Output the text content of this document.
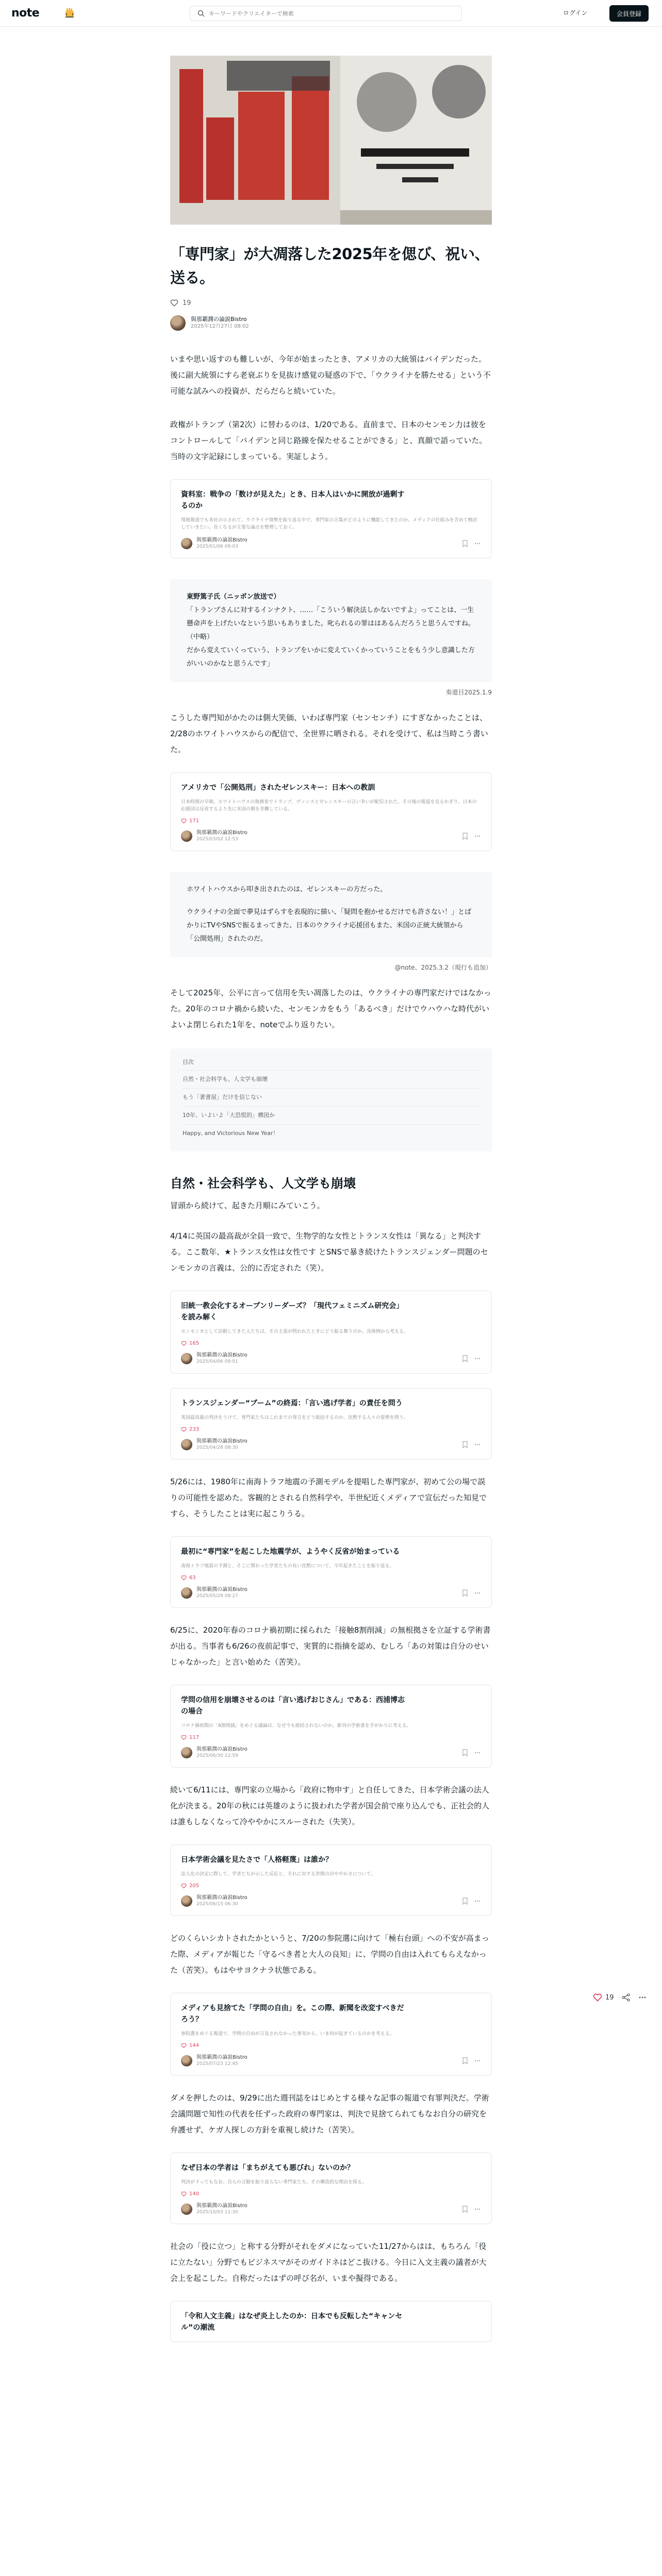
note
キーワードやクリエイターで検索	ログイン	会員登録
「専門家」が大凋落した2025年を偲び、祝い、送る。
19
與那覇潤の論説Bistro
2025年12月27日 08:02

いまや思い返すのも難しいが、今年が始まったとき、アメリカの大統領はバイデンだった。後に副大統領にすら老衰ぶりを見抜け感覚の疑惑の下で、「ウクライナを勝たせる」という不可能な試みへの投資が、だらだらと続いていた。

政権がトランプ（第2次）に替わるのは、1/20である。直前まで、日本のセンモン力は彼をコントロールして「バイデンと同じ路線を保たせることができる」と、真顔で語っていた。当時の文字記録にしまっている。実証しよう。

資料室：戦争の「数けが見えた」とき、日本人はいかに開放が過剰するのか
現地報道でも各社の示されて、ウクライナ情勢を振り返る中で、専門家の言葉がどのように機能してきたのか。メディアの仕組みを含めて検討していきたい。長くなるが主要な論点を整理しておく。
與那覇潤の論説Bistro
2025/01/06 09:03
東野篤子氏（ニッポン放送で）
「トランプさんに対するインナクト、……「こういう解決法しかないですよ」ってことは、一生懸命声を上げたいなという思いもありました。叱られるの罪ははあるんだろうと思うんですね。
（中略）
だから変えていくっていう、トランプをいかに変えていくかっていうことをもう少し意識した方がいいのかなと思うんです」
奏還目2025.1.9

こうした専門知がかたのは側大笑価、いわば専門家（センセンチ）にすぎなかったことは、2/28のホワイトハウスからの配信で、全世界に晒される。それを受けて、私は当時こう書いた。

アメリカで「公開処刑」されたゼレンスキー：日本への教訓
日本時間の早朝、ホワイトハウスの執務室でトランプ、ヴァンスとゼレンスキーの言い争いが配信された。その後の報道を見るかぎり、日本の応援団は反省するより先に米国の側を非難している。
171
與那覇潤の論説Bistro
2025/03/02 12:53
ホワイトハウスから叩き出されたのは、ゼレンスキーの方だった。
ウクライナの全面で夢見はずらすを表現的に描い、「疑問を抱かせるだけでも許さない！」とばかりにTVやSNSで振るまってきた、日本のウクライナ応援団もまた、米国の正統大統領から「公開処刑」されたのだ。
@note、2025.3.2（現行も追加）

そして2025年、公平に言って信用を失い凋落したのは、ウクライナの専門家だけではなかった。20年のコロナ禍から続いた、センモンカをもう「あるべき」だけでウハウハな時代がいよいよ閉じられた1年を、noteでふり返りたい。

目次
自然・社会科学も、人文学も崩壊
もう「著書屋」だけを信じない
10年、いよいよ「大恐慌的」構図か
Happy, and Victorious New Year！
自然・社会科学も、人文学も崩壊

冒頭から続けて、起きた月順にみていこう。

4/14に英国の最高裁が全員一致で、生物学的な女性とトランス女性は「異なる」と判決する。ここ数年、★トランス女性は女性です とSNSで暴き続けたトランスジェンダー問題のセンモンカの言義は、公的に否定された（笑）。

旧統一教会化するオープンリーダーズ？「現代フェミニズム研究会」を読み解く
センモンカとして活動してきた人たちは、その主張が問われたときにどう振る舞うのか。具体例から考える。
165
與那覇潤の論説Bistro
2025/04/06 09:01
トランスジェンダー“ブーム”の終焉：「言い逃げ学者」の責任を問う
英国最高裁の判決をうけて、専門家たちはこれまでの発言をどう総括するのか。沈黙する人々の姿勢を問う。
233
與那覇潤の論説Bistro
2025/04/26 08:30

5/26には、1980年に南海トラフ地震の予測モデルを提唱した専門家が、初めて公の場で誤りの可能性を認めた。客観的とされる自然科学や、半世紀近くメディアで宣伝だった知見ですら、そうしたことは実に起こりうる。

最初に“専門家”を起こした地震学が、ようやく反省が始まっている
南海トラフ地震の予測と、そこに関わった学者たちの長い沈黙について、今年起きたことを振り返る。
63
與那覇潤の論説Bistro
2025/05/29 08:27

6/25に、2020年春のコロナ禍初期に採られた「接触8割削減」の無根拠さを立証する学術書が出る。当事者も6/26の夜前記事で、実質的に指摘を認め、むしろ「あの対策は自分のせいじゃなかった」と言い始めた（苦笑）。

学問の信用を崩壊させるのは「言い逃げおじさん」である：西浦博志の場合
コロナ禍初期の「8割削減」をめぐる議論は、なぜ今も総括されないのか。新刊の学術書を手がかりに考える。
117
與那覇潤の論説Bistro
2025/06/30 12:59

続いて6/11には、専門家の立場から「政府に物申す」と自任してきた、日本学術会議の法人化が決まる。20年の秋には英雄のように扱われた学者が国会前で座り込んでも、正社会的人は誰もしなくなって冷ややかにスルーされた（失笑）。

日本学術会議を見たさで「人格軽蔑」は誰か？
法人化の決定に際して、学者たちが示した反応と、それに対する世間の冷ややかさについて。
205
與那覇潤の論説Bistro
2025/06/15 06:30

どのくらいシカトされたかというと、7/20の参院選に向けて「極右台頭」への不安が高まった際、メディアが報じた「守るべき者と大人の良知」に、学問の自由は入れてもらえなかった（苦笑）。もはやサヨクナラ状態である。

メディアも見捨てた「学問の自由」を。この際、新聞を改変すべきだろう？
参院選をめぐる報道で、学問の自由が言及されなかった事実から、いま何が起きているのかを考える。
144
與那覇潤の論説Bistro
2025/07/23 12:45

ダメを押したのは、9/29に出た週刊誌をはじめとする様々な記事の報道で有罪判決だ。学術会議問題で知性の代表を任ずった政府の専門家は、判決で見捨てられてもなお自分の研究を弁護せず、ケガ人探しの方針を重視し続けた（苦笑）。

なぜ日本の学者は「まちがえても悪びれ」ないのか？
判決が下ってもなお、自らの言動を振り返らない専門家たち。その構造的な理由を探る。
140
與那覇潤の論説Bistro
2025/10/03 11:30

社会の「役に立つ」と称する分野がそれをダメになっていた11/27からはは、もちろん「役に立たない」分野でもビジネスマがそのガイドネはどこ抜ける。今日に入文主義の議者が大会上を起こした。自称だったはずの呼び名が、いまや擬得である。

「令和人文主義」はなぜ炎上したのか：日本でも反転した“キャンセル”の潮流
19
